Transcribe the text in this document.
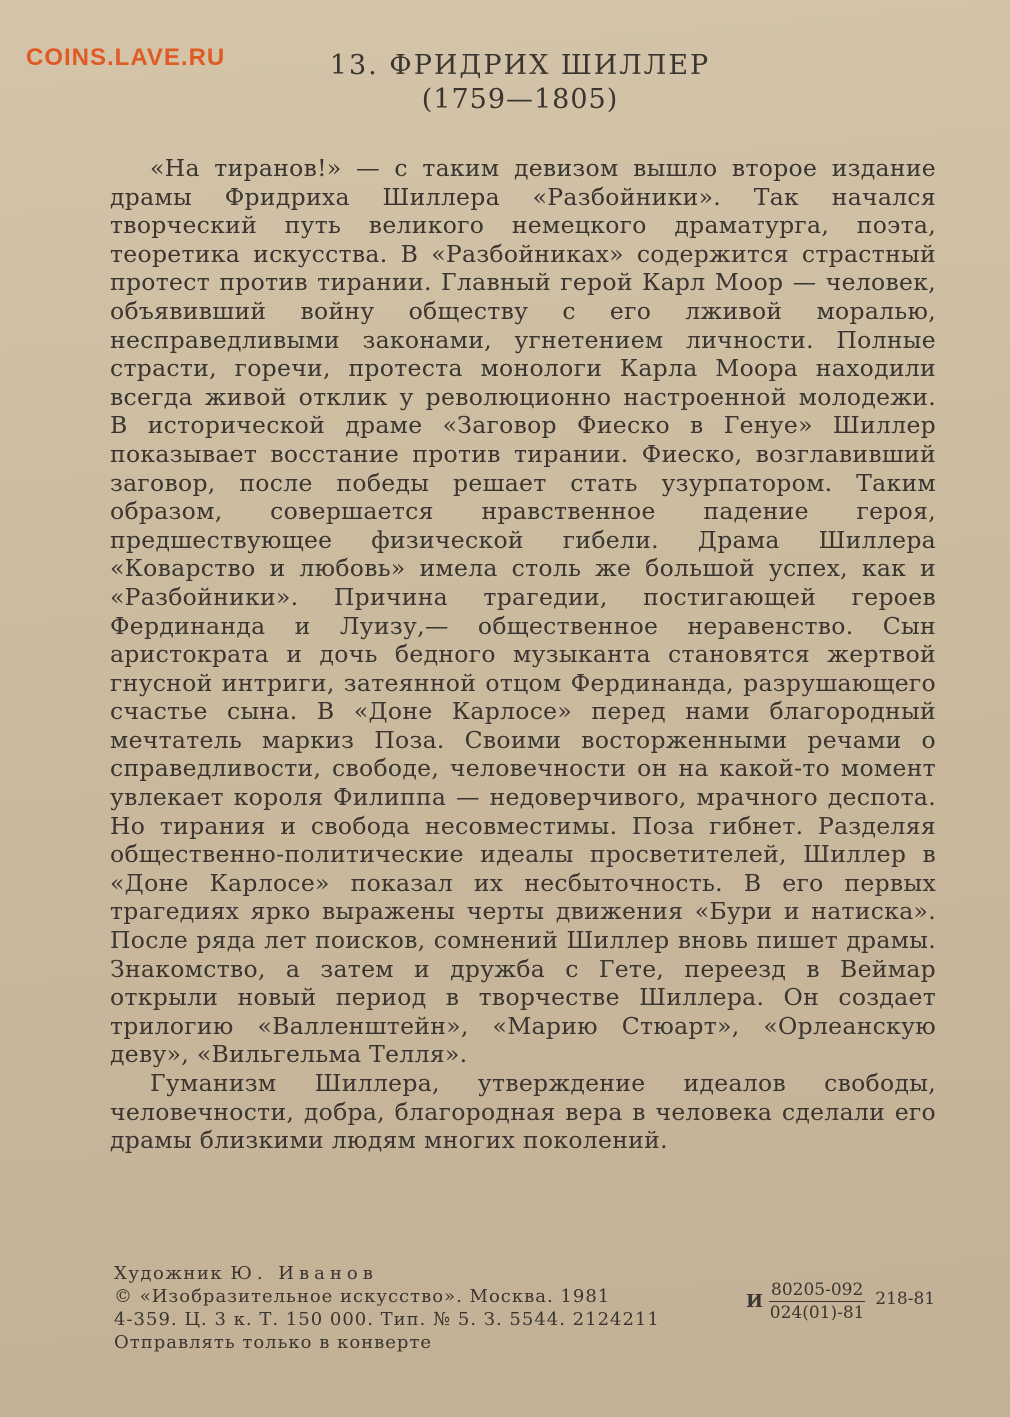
COINS.LAVE.RU	13. ФРИДРИХ ШИЛЛЕР
(1759—1805)

«На тиранов!» — с таким девизом вышло второе издание драмы Фридриха Шиллера «Разбойники». Так начался творческий путь великого немецкого драматурга, поэта, теоретика искусства. В «Разбойниках» содержится страстный протест против тирании. Главный герой Карл Моор — человек, объявивший войну обществу с его лживой моралью, несправедливыми законами, угнетением личности. Полные страсти, горечи, протеста монологи Карла Моора находили всегда живой отклик у революционно настроенной молодежи. В исторической драме «Заговор Фиеско в Генуе» Шиллер показывает восстание против тирании. Фиеско, возглавивший заговор, после победы решает стать узурпатором. Таким образом, совершается нравственное падение героя, предшествующее физической гибели. Драма Шиллера «Коварство и любовь» имела столь же большой успех, как и «Разбойники». Причина трагедии, постигающей героев Фердинанда и Луизу,— общественное неравенство. Сын аристократа и дочь бедного музыканта становятся жертвой гнусной интриги, затеянной отцом Фердинанда, разрушающего счастье сына. В «Доне Карлосе» перед нами благородный мечтатель маркиз Поза. Своими восторженными речами о справедливости, свободе, человечности он на какой-то момент увлекает короля Филиппа — недоверчивого, мрачного деспота. Но тирания и свобода несовместимы. Поза гибнет. Разделяя общественно-политические идеалы просветителей, Шиллер в «Доне Карлосе» показал их несбыточность. В его первых трагедиях ярко выражены черты движения «Бури и натиска». После ряда лет поисков, сомнений Шиллер вновь пишет драмы. Знакомство, а затем и дружба с Гете, переезд в Веймар открыли новый период в творчестве Шиллера. Он создает трилогию «Валленштейн», «Марию Стюарт», «Орлеанскую деву», «Вильгельма Телля».

Гуманизм Шиллера, утверждение идеалов свободы, человечности, добра, благородная вера в человека сделали его драмы близкими людям многих поколений.

Художник Ю. Иванов
© «Изобразительное искусство». Москва. 1981
4-359. Ц. 3 к. Т. 150 000. Тип. № 5. З. 5544. 2124211
Отправлять только в конверте
И $\frac{80205-092}{024(01)-81} 218-81$
